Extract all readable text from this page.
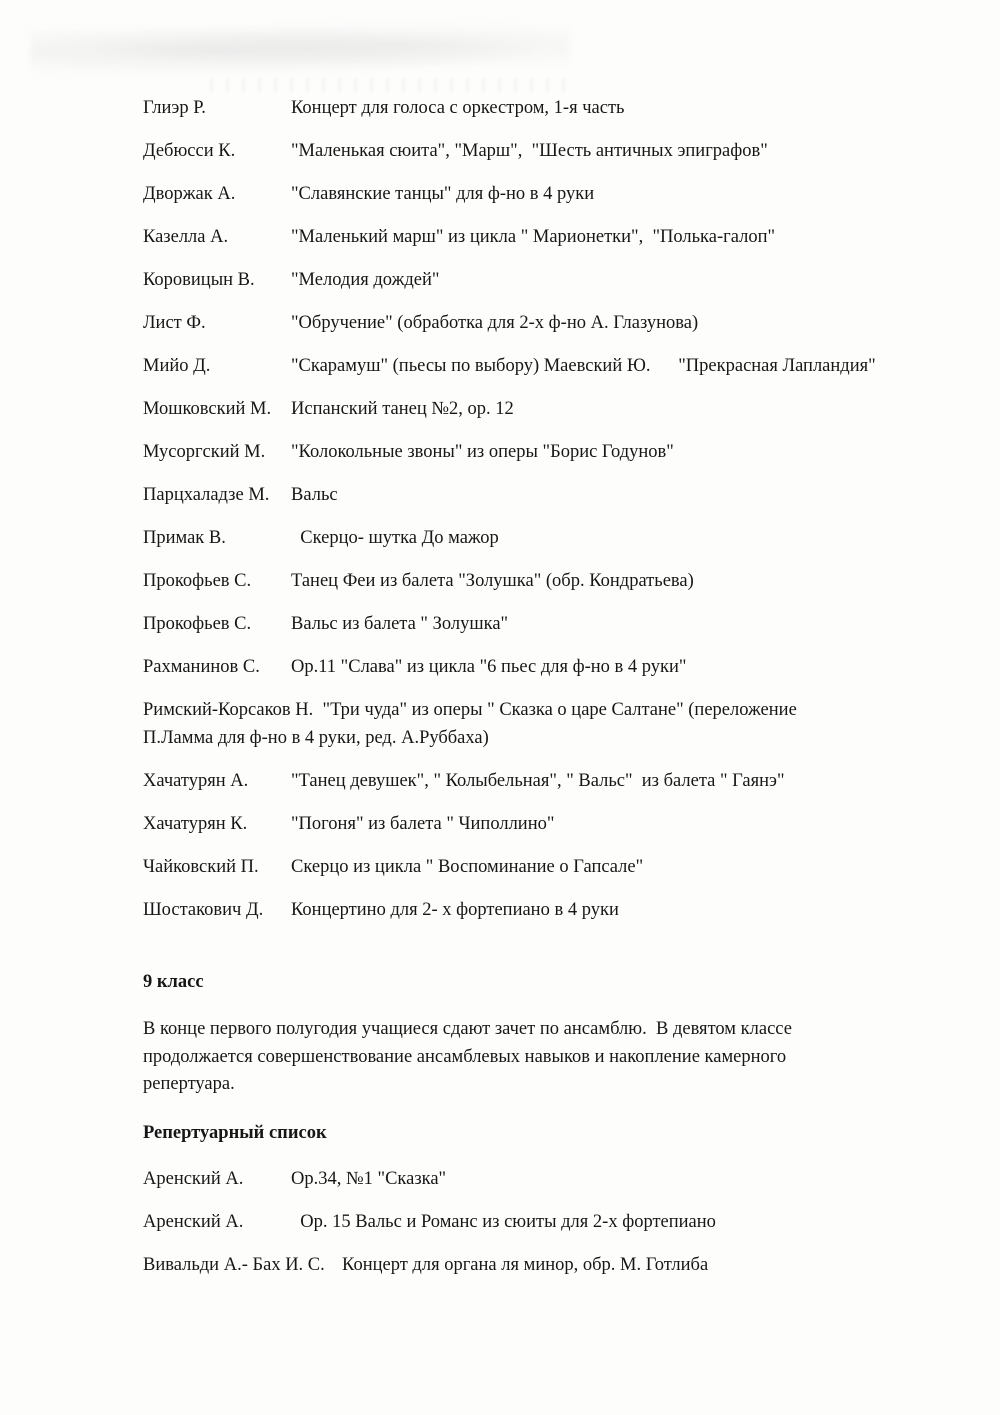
Глиэр Р.	Концерт для голоса с оркестром, 1-я часть
Дебюсси К.	"Маленькая сюита", "Марш",  "Шесть античных эпиграфов"
Дворжак А.	"Славянские танцы" для ф-но в 4 руки
Казелла А.	"Маленький марш" из цикла " Марионетки",  "Полька-галоп"
Коровицын В.	"Мелодия дождей"
Лист Ф.	"Обручение" (обработка для 2-х ф-но А. Глазунова)
Мийо Д.	"Скарамуш" (пьесы по выбору) Маевский Ю.      "Прекрасная Лапландия"
Мошковский М.	Испанский танец №2, ор. 12
Мусоргский М.	"Колокольные звоны" из оперы "Борис Годунов"
Парцхаладзе М.	Вальс
Примак В.	Скерцо- шутка До мажор
Прокофьев С.	Танец Феи из балета "Золушка" (обр. Кондратьева)
Прокофьев С.	Вальс из балета " Золушка"
Рахманинов С.	Ор.11 "Слава" из цикла "6 пьес для ф-но в 4 руки"
Римский-Корсаков Н.  "Три чуда" из оперы " Сказка о царе Салтане" (переложение П.Ламма для ф-но в 4 руки, ред. А.Руббаха)
Хачатурян А.	"Танец девушек", " Колыбельная", " Вальс"  из балета " Гаянэ"
Хачатурян К.	"Погоня" из балета " Чиполлино"
Чайковский П.	Скерцо из цикла " Воспоминание о Гапсале"
Шостакович Д.	Концертино для 2- х фортепиано в 4 руки
9 класс

В конце первого полугодия учащиеся сдают зачет по ансамблю.  В девятом классе продолжается совершенствование ансамблевых навыков и накопление камерного репертуара.

Репертуарный список
Аренский А.	Ор.34, №1 "Сказка"
Аренский А.	Ор. 15 Вальс и Романс из сюиты для 2-х фортепиано
Вивальди А.- Бах И. С. Концерт для органа ля минор, обр. М. Готлиба
